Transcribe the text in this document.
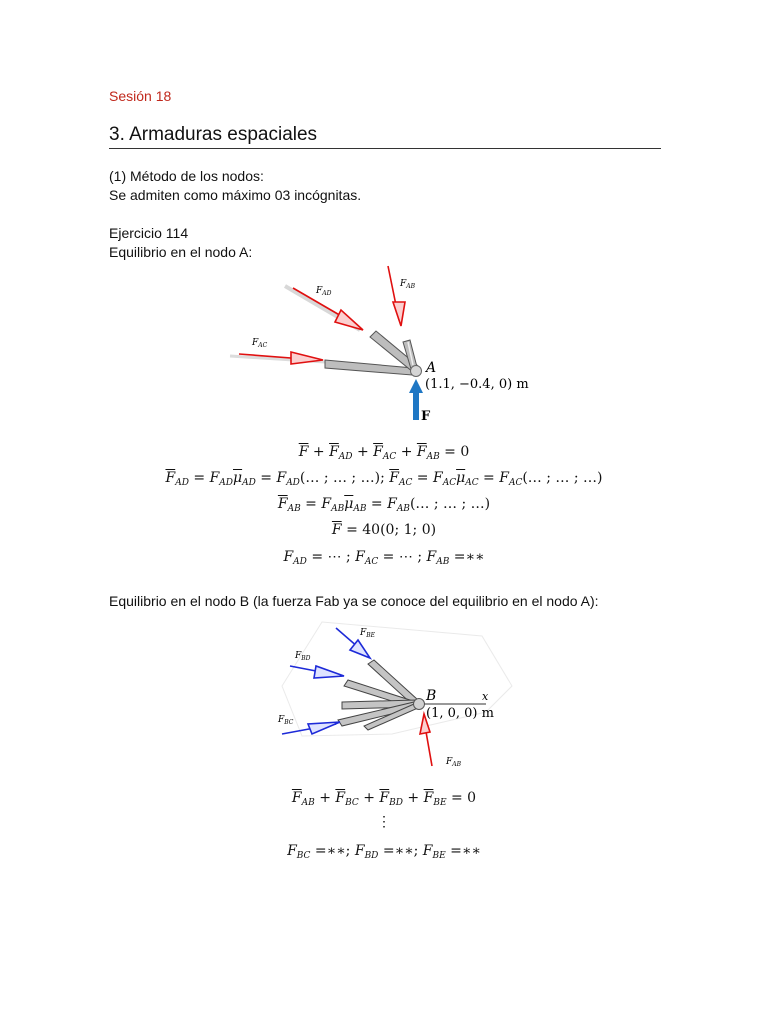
Sesión 18
3. Armaduras espaciales
(1) Método de los nodos:
Se admiten como máximo 03 incógnitas.
Ejercicio 114
Equilibrio en el nodo A:
$F_{AD}$
$F_{AB}$
$F_{AC}$
A
(1.1, −0.4, 0) m
F
$\overline{F} + \overline{F}_{AD} + \overline{F}_{AC} + \overline{F}_{AB} = 0$
$\overline{F}_{AD} = F_{AD}\overline{\mu}_{AD}$ = $F_{AD}(\dots$ ; … ; …); $\overline{F}_{AC} = F_{AC}\overline{\mu}_{AC}$ = $F_{AC}(\dots$ ; … ; …)
$\overline{F}_{AB} = F_{AB}\overline{\mu}_{AB}$ = $F_{AB}(\dots$ ; … ; …)
$\overline{F} = 40(0$; 1; 0)
$F_{AD}$ = ⋯ ; $F_{AC}$ = ⋯ ; $F_{AB}$ =∗∗
Equilibrio en el nodo B (la fuerza Fab ya se conoce del equilibrio en el nodo A):
x
$F_{BE}$
$F_{BD}$
$F_{BC}$
$F_{AB}$
B
(1, 0, 0) m
$\overline{F}_{AB} + \overline{F}_{BC} + \overline{F}_{BD} + \overline{F}_{BE} = 0$
⋮
$F_{BC}$ =∗∗; $F_{BD}$ =∗∗; $F_{BE}$ =∗∗
